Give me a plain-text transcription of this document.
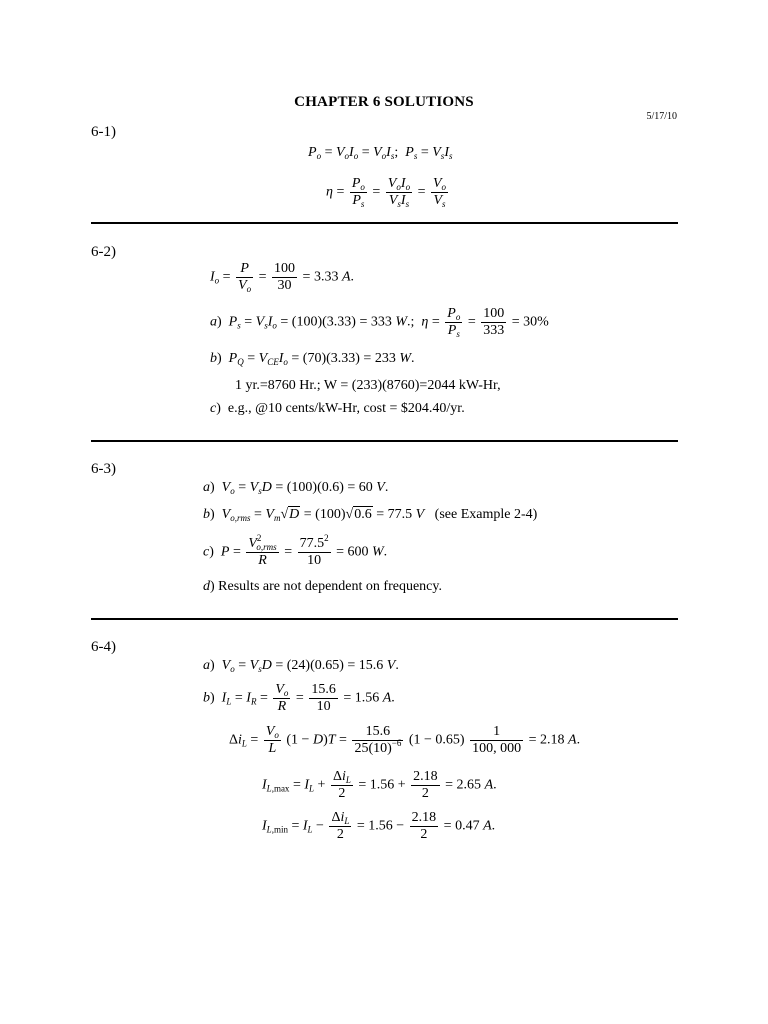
CHAPTER 6 SOLUTIONS
5/17/10
6-1)
$P_o = V_oI_o = V_oI_s$;  $P_s = V_sI_s$
$\eta = \frac{P_o}{P_s} = \frac{V_oI_o}{V_sI_s} = \frac{V_o}{V_s}$
6-2)
$I_o = \frac{P}{V_o} = \frac{100}{30} = 3.33$ A.
a)  $P_s = V_sI_o = (100)(3.33) = 333$ W.;  $\eta = \frac{P_o}{P_s} = \frac{100}{333} = 30\%$
b)  $P_Q = V_{CE}I_o = (70)(3.33) = 233$ W.
1 yr.=8760 Hr.; W = (233)(8760)=2044 kW-Hr,
c)  e.g., @10 cents/kW-Hr, cost = $204.40/yr.
6-3)
a)  $V_o = V_sD = (100)(0.6) = 60$ V.
b)  $V_{o,rms} = V_m√D = (100)√0.6 = 77.5$ V (see Example 2-4)
c)  $P = \frac{V^2_{o,rms}}{R} = \frac{77.5^2}{10} = 600$ W.
d) Results are not dependent on frequency.
6-4)
a)  $V_o = V_sD = (24)(0.65) = 15.6$ V.
b)  $I_L = I_R = \frac{V_o}{R} = \frac{15.6}{10} = 1.56$ A.
$\Delta i_L = \frac{V_o}{L} (1 - D)T = \frac{15.6}{25(10)^{-6}} (1 - 0.65) \frac{1}{100, 000} = 2.18$ A.
$I_{L,max} = I_L + \frac{\Delta i_L}{2} = 1.56 + \frac{2.18}{2} = 2.65$ A.
$I_{L,min} = I_L - \frac{\Delta i_L}{2} = 1.56 - \frac{2.18}{2} = 0.47$ A.
